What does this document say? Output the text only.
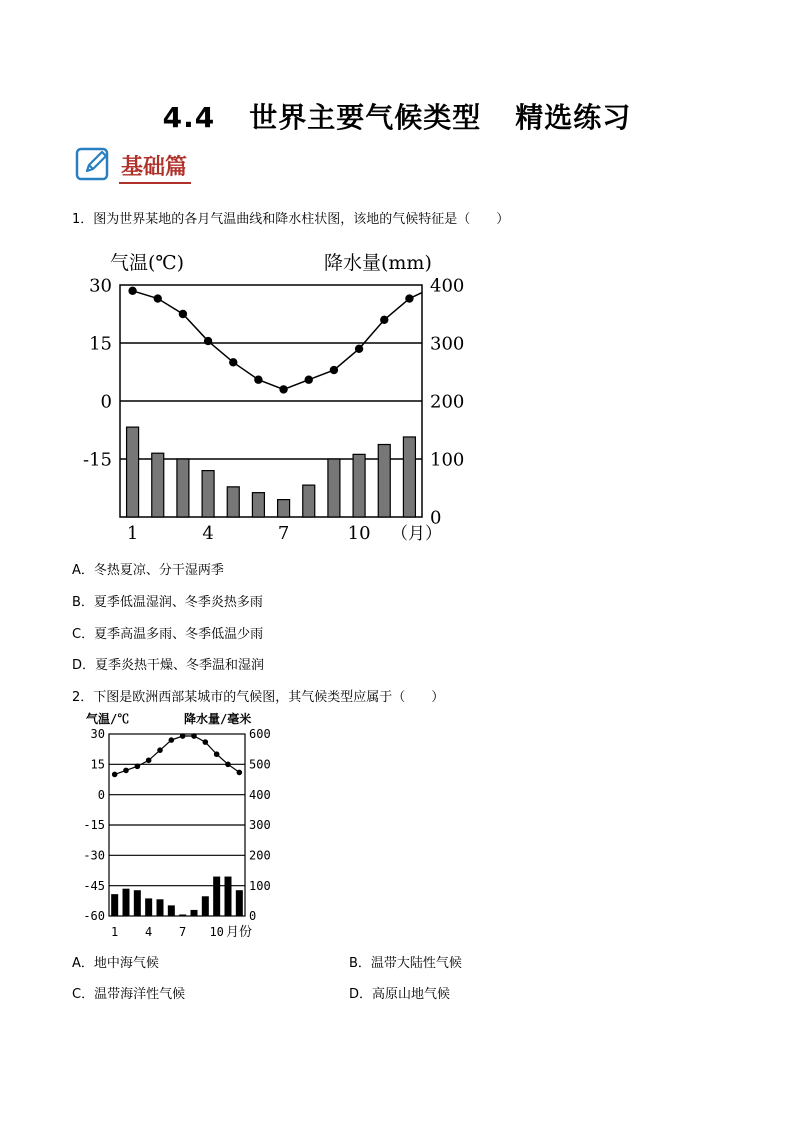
4.4 世界主要气候类型 精选练习
基础篇
1．图为世界某地的各月气温曲线和降水柱状图，该地的气候特征是（　　）
气温(℃)	降水量(mm)
30
15
0
-15
400
300
200
100
0
1	4	7	10 （月）
A．冬热夏凉、分干湿两季
B．夏季低温湿润、冬季炎热多雨
C．夏季高温多雨、冬季低温少雨
D．夏季炎热干燥、冬季温和湿润
2．下图是欧洲西部某城市的气候图，其气候类型应属于（　　）
气温/℃	降水量/毫米
30
15
0
-15
-30
-45
-60
600
500
400
300
200
100
0
1 4 7 10 月份
A．地中海气候	B．温带大陆性气候
C．温带海洋性气候	D．高原山地气候
